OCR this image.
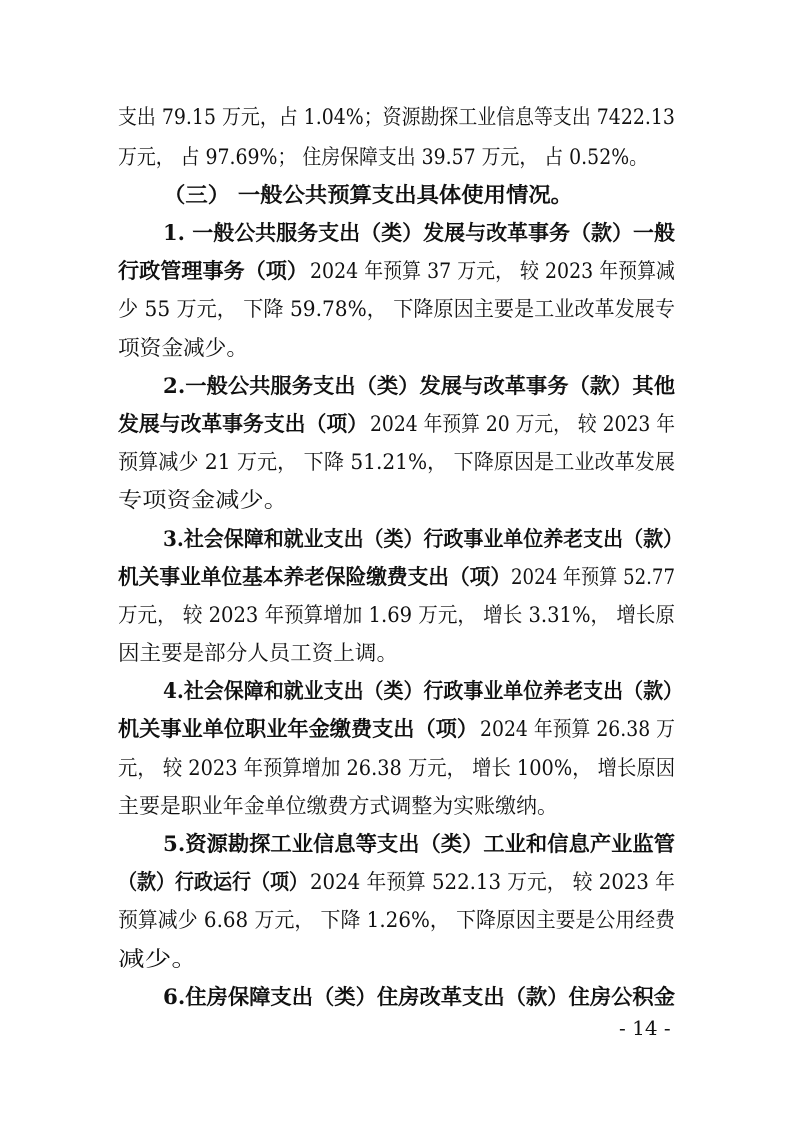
支出 79.15 万元，占 1.04%；资源勘探工业信息等支出 7422.13
万元， 占 97.69%； 住房保障支出 39.57 万元， 占 0.52%。
（三） 一般公共预算支出具体使用情况。
1. 一般公共服务支出（类）发展与改革事务（款）一般
行政管理事务（项） 2024 年预算 37 万元， 较 2023 年预算减
少 55 万元， 下降 59.78%， 下降原因主要是工业改革发展专
项资金减少。
2.一般公共服务支出（类）发展与改革事务（款）其他
发展与改革事务支出（项） 2024 年预算 20 万元， 较 2023 年
预算减少 21 万元， 下降 51.21%， 下降原因是工业改革发展
专项资金减少。
3.社会保障和就业支出（类）行政事业单位养老支出（款）
机关事业单位基本养老保险缴费支出（项） 2024 年预算 52.77
万元， 较 2023 年预算增加 1.69 万元， 增长 3.31%， 增长原
因主要是部分人员工资上调。
4.社会保障和就业支出（类）行政事业单位养老支出（款）
机关事业单位职业年金缴费支出（项） 2024 年预算 26.38 万
元， 较 2023 年预算增加 26.38 万元， 增长 100%， 增长原因
主要是职业年金单位缴费方式调整为实账缴纳。
5.资源勘探工业信息等支出（类）工业和信息产业监管
（款）行政运行（项） 2024 年预算 522.13 万元， 较 2023 年
预算减少 6.68 万元， 下降 1.26%， 下降原因主要是公用经费
减少。
6.住房保障支出（类）住房改革支出（款）住房公积金
- 14 -
